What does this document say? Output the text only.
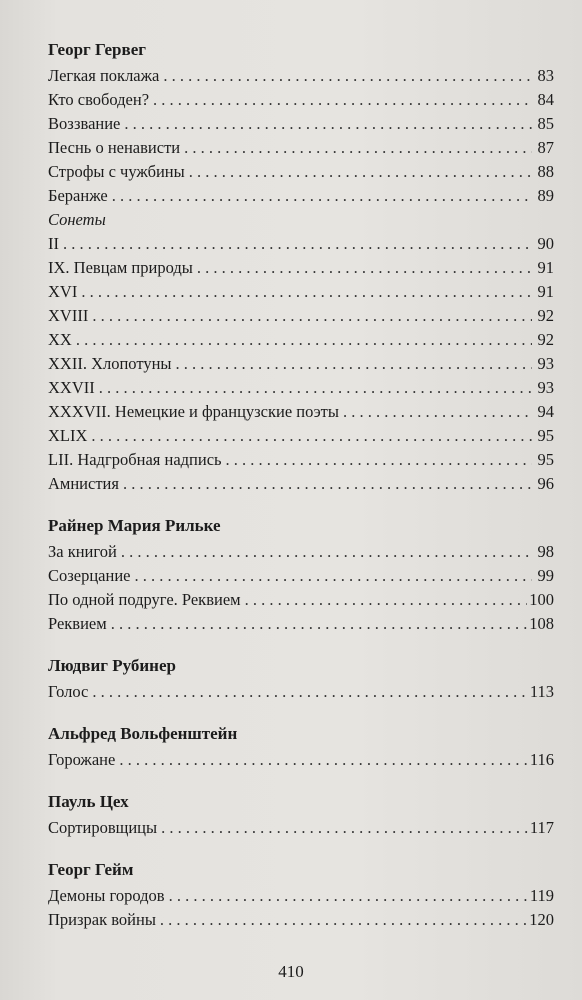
Георг Гервег
Легкая поклажа . . .	83
Кто свободен? . . .	84
Воззвание . . .	85
Песнь о ненависти . . .	87
Строфы с чужбины . . .	88
Беранже . . .	89
Сонеты
II . . .	90
IX. Певцам природы . . .	91
XVI . . .	91
XVIII . . .	92
XX . . .	92
XXII. Хлопотуны . . .	93
XXVII . . .	93
XXXVII. Немецкие и французские поэты . . .	94
XLIX . . .	95
LII. Надгробная надпись . . .	95
Амнистия . . .	96
Райнер Мария Рильке
За книгой . . .	98
Созерцание . . .	99
По одной подруге. Реквием . . .	100
Реквием . . .	108
Людвиг Рубинер
Голос . . .	113
Альфред Вольфенштейн
Горожане . . .	116
Пауль Цех
Сортировщицы . . .	117
Георг Гейм
Демоны городов . . .	119
Призрак войны . . .	120
410
